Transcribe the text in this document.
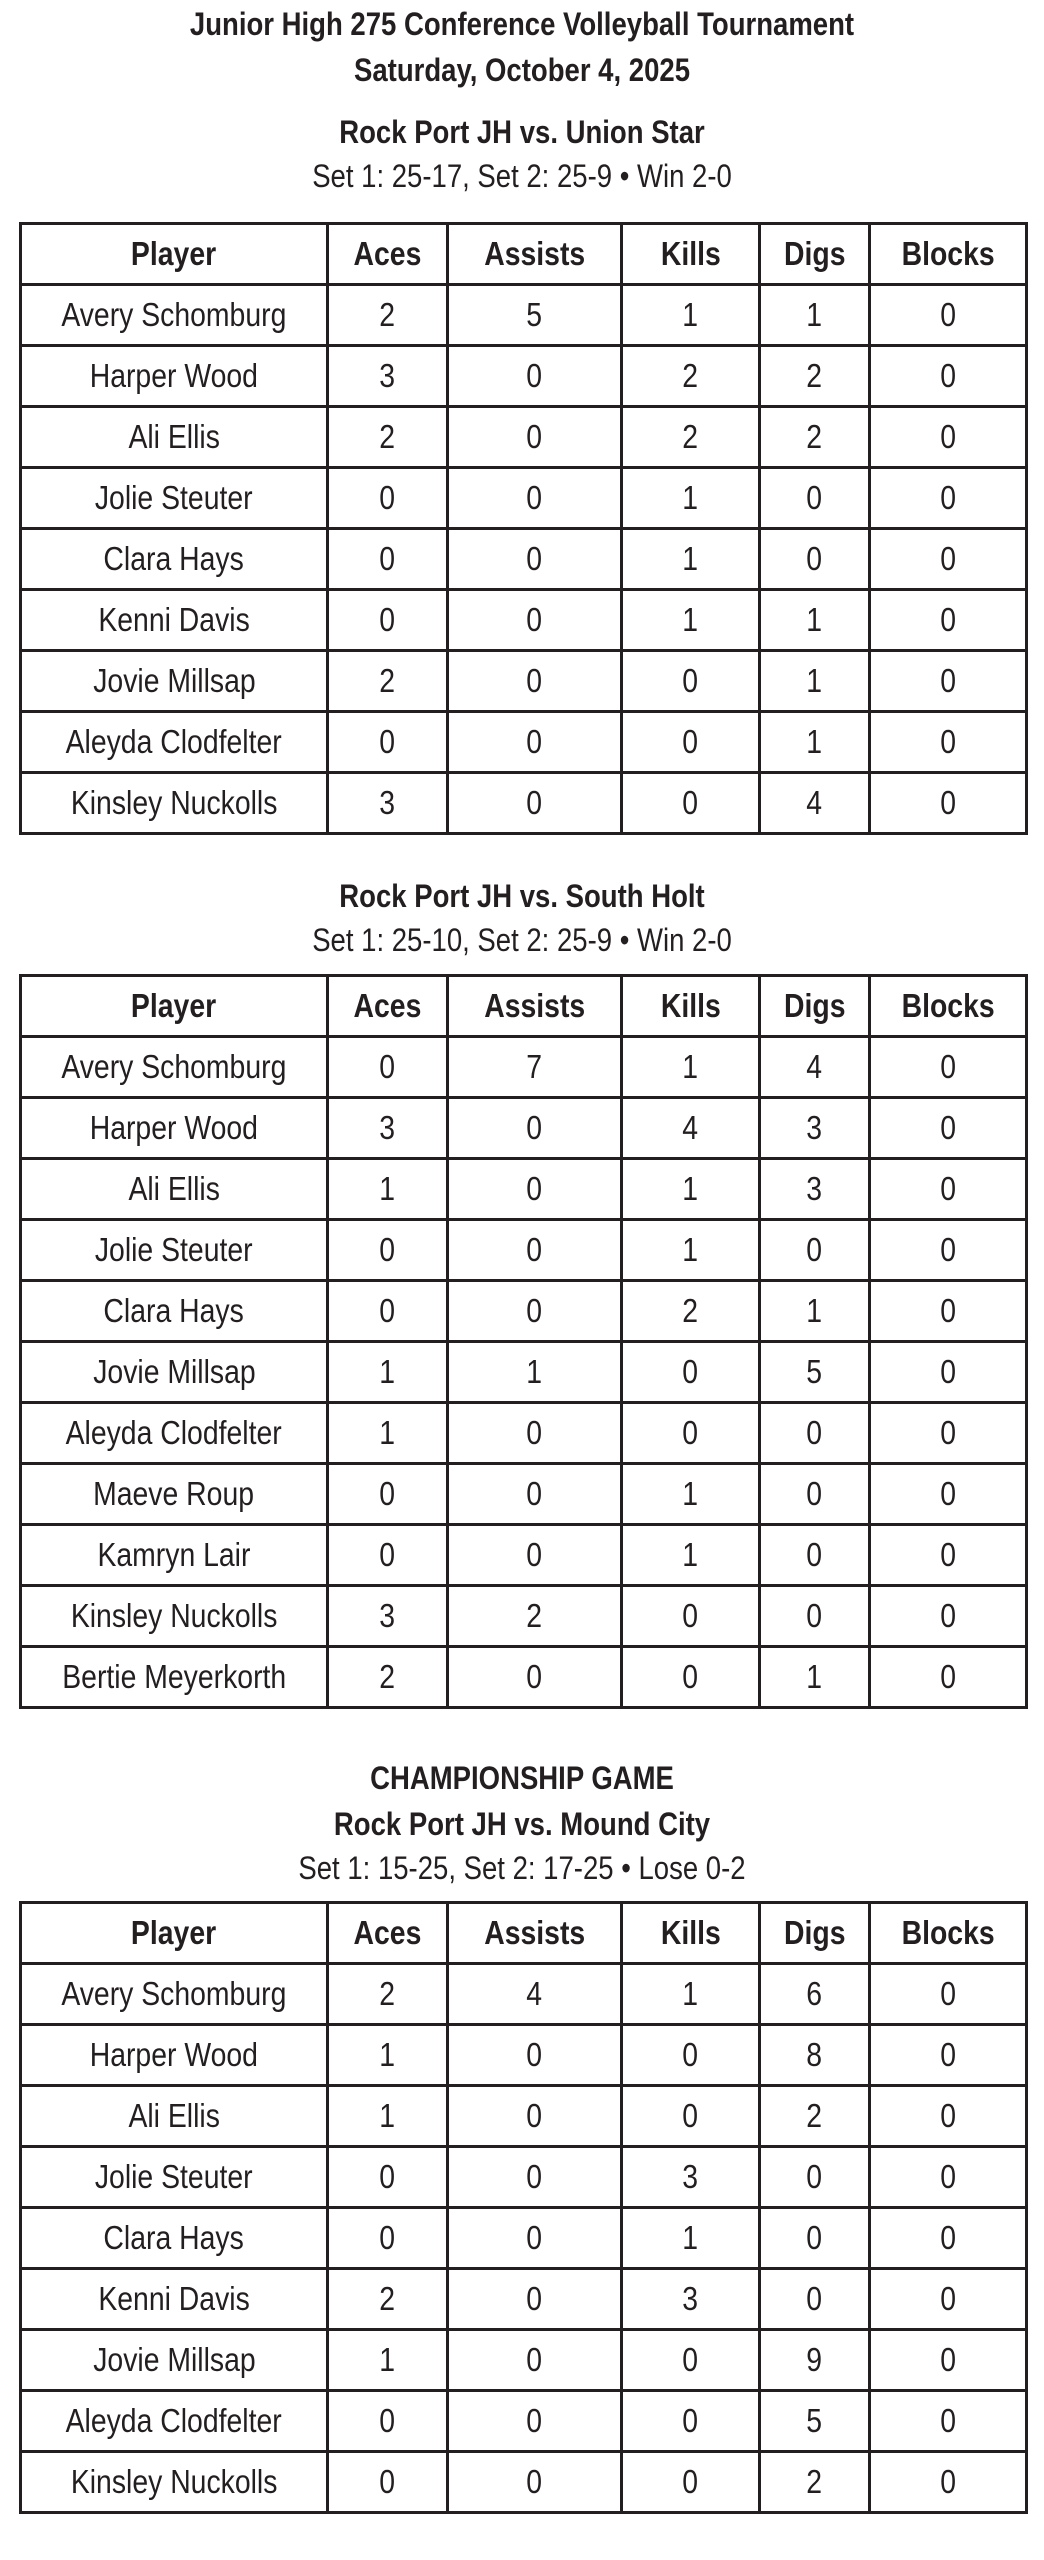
Junior High 275 Conference Volleyball Tournament
Saturday, October 4, 2025
Rock Port JH vs. Union Star
Set 1: 25-17, Set 2: 25-9 • Win 2-0
Player	Aces	Assists	Kills	Digs	Blocks
Avery Schomburg	2	5	1	1	0
Harper Wood	3	0	2	2	0
Ali Ellis	2	0	2	2	0
Jolie Steuter	0	0	1	0	0
Clara Hays	0	0	1	0	0
Kenni Davis	0	0	1	1	0
Jovie Millsap	2	0	0	1	0
Aleyda Clodfelter	0	0	0	1	0
Kinsley Nuckolls	3	0	0	4	0
Rock Port JH vs. South Holt
Set 1: 25-10, Set 2: 25-9 • Win 2-0
Player	Aces	Assists	Kills	Digs	Blocks
Avery Schomburg	0	7	1	4	0
Harper Wood	3	0	4	3	0
Ali Ellis	1	0	1	3	0
Jolie Steuter	0	0	1	0	0
Clara Hays	0	0	2	1	0
Jovie Millsap	1	1	0	5	0
Aleyda Clodfelter	1	0	0	0	0
Maeve Roup	0	0	1	0	0
Kamryn Lair	0	0	1	0	0
Kinsley Nuckolls	3	2	0	0	0
Bertie Meyerkorth	2	0	0	1	0
CHAMPIONSHIP GAME
Rock Port JH vs. Mound City
Set 1: 15-25, Set 2: 17-25 • Lose 0-2
Player	Aces	Assists	Kills	Digs	Blocks
Avery Schomburg	2	4	1	6	0
Harper Wood	1	0	0	8	0
Ali Ellis	1	0	0	2	0
Jolie Steuter	0	0	3	0	0
Clara Hays	0	0	1	0	0
Kenni Davis	2	0	3	0	0
Jovie Millsap	1	0	0	9	0
Aleyda Clodfelter	0	0	0	5	0
Kinsley Nuckolls	0	0	0	2	0
